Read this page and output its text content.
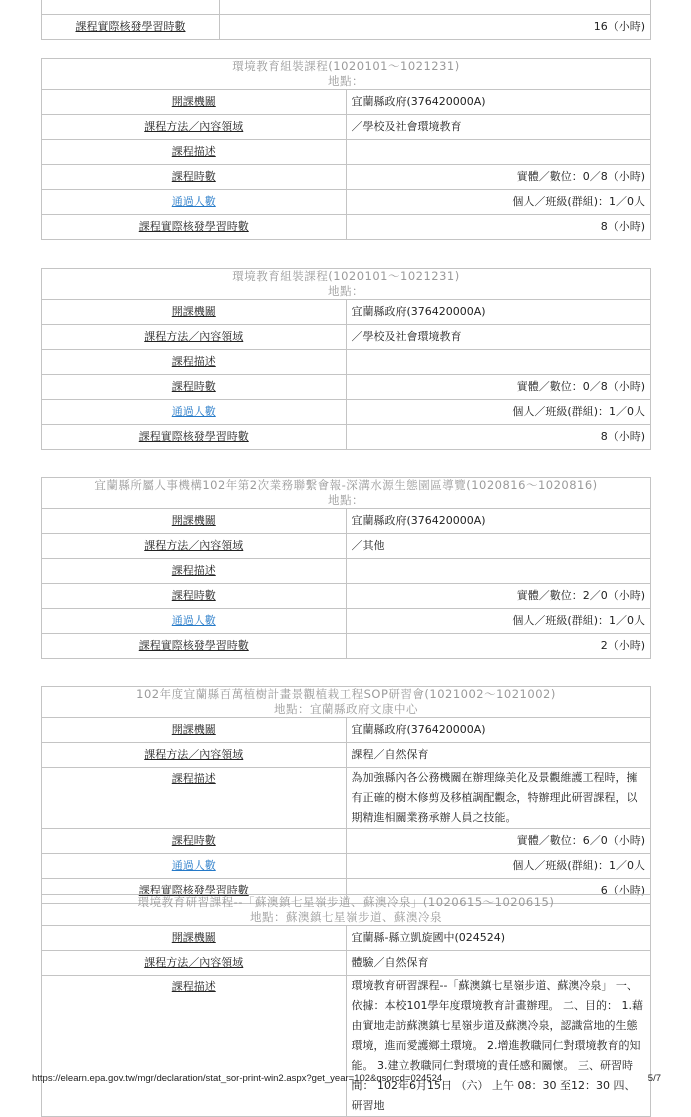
課程實際核發學習時數	16（小時)
環境教育組裝課程(1020101～1021231)
地點：	

開課機關	宜蘭縣政府(376420000A)
課程方法／內容領域	／學校及社會環境教育
課程描述	
課程時數	實體／數位：0／8（小時)
通過人數	個人／班級(群組)：1／0人
課程實際核發學習時數	8（小時)
環境教育組裝課程(1020101～1021231)
地點：	

開課機關	宜蘭縣政府(376420000A)
課程方法／內容領域	／學校及社會環境教育
課程描述	
課程時數	實體／數位：0／8（小時)
通過人數	個人／班級(群組)：1／0人
課程實際核發學習時數	8（小時)
宜蘭縣所屬人事機構102年第2次業務聯繫會報-深溝水源生態園區導覽(1020816～1020816)
地點：	

開課機關	宜蘭縣政府(376420000A)
課程方法／內容領域	／其他
課程描述	
課程時數	實體／數位：2／0（小時)
通過人數	個人／班級(群組)：1／0人
課程實際核發學習時數	2（小時)
102年度宜蘭縣百萬植樹計畫景觀植栽工程SOP研習會(1021002～1021002)
地點：宜蘭縣政府文康中心	

開課機關	宜蘭縣政府(376420000A)
課程方法／內容領域	課程／自然保育
課程描述	為加強縣內各公務機關在辦理綠美化及景觀維護工程時，擁有正確的樹木修剪及移植調配觀念，特辦理此研習課程，以期精進相關業務承辦人員之技能。
課程時數	實體／數位：6／0（小時)
通過人數	個人／班級(群組)：1／0人
課程實際核發學習時數	6（小時)
環境教育研習課程--「蘇澳鎮七星嶺步道、蘇澳冷泉」(1020615～1020615)
地點：蘇澳鎮七星嶺步道、蘇澳冷泉	

開課機關	宜蘭縣-縣立凱旋國中(024524)
課程方法／內容領域	體驗／自然保育
課程描述	環境教育研習課程--「蘇澳鎮七星嶺步道、蘇澳冷泉」 一、依據：本校101學年度環境教育計畫辦理。 二、目的： 1.藉由實地走訪蘇澳鎮七星嶺步道及蘇澳冷泉，認識當地的生態 環境，進而愛護鄉土環境。 2.增進教職同仁對環境教育的知能。 3.建立教職同仁對環境的責任感和關懷。 三、研習時間： 102年6月15日 （六） 上午 08：30 至12：30 四、研習地
https://elearn.epa.gov.tw/mgr/declaration/stat_sor-print-win2.aspx?get_year=102&qsorcd=024524	5/7
